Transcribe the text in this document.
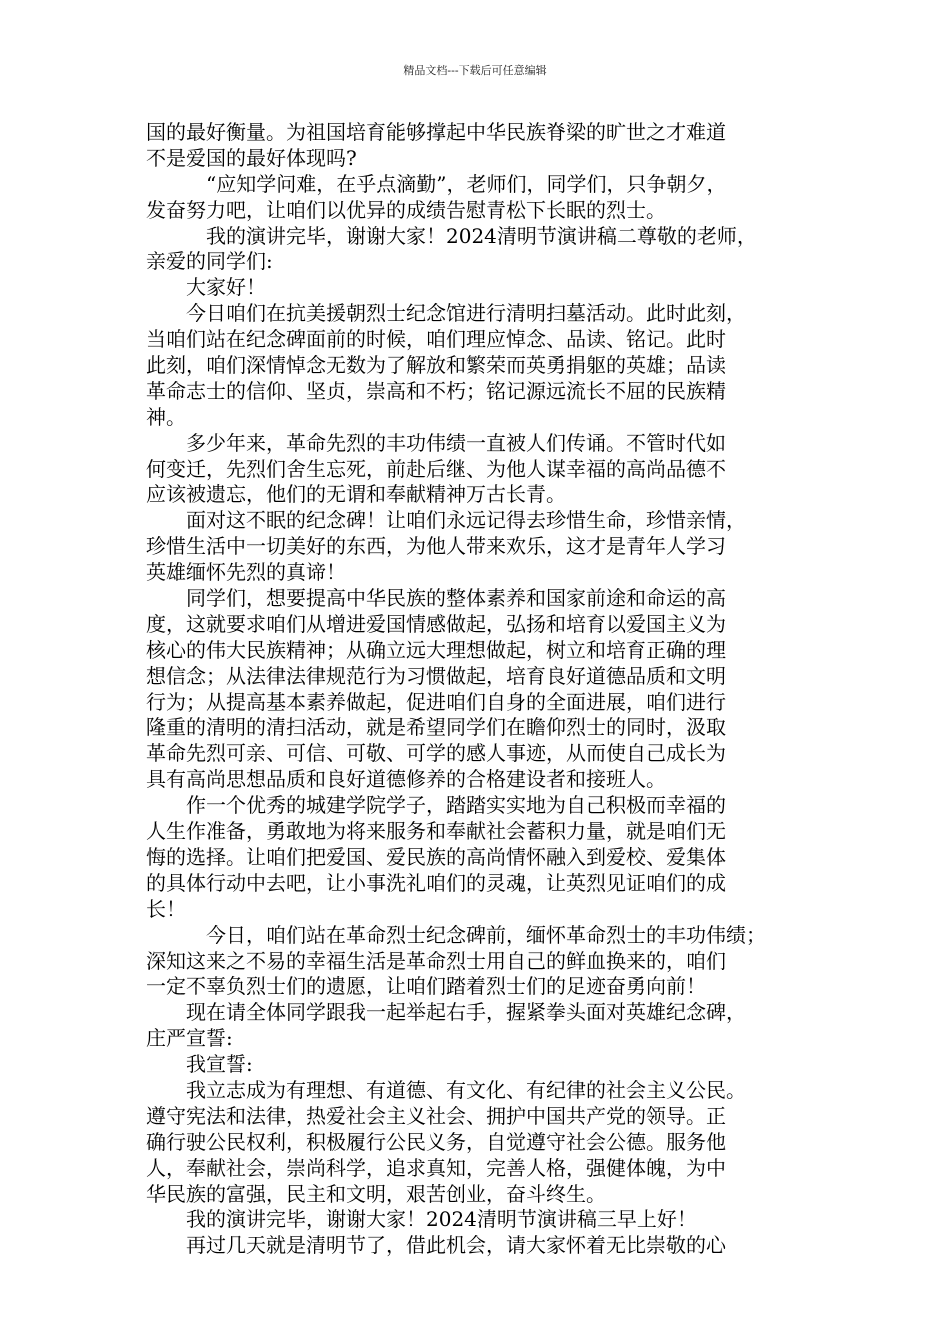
精品文档---下载后可任意编辑
国的最好衡量。为祖国培育能够撑起中华民族脊梁的旷世之才难道
不是爱国的最好体现吗?
“应知学问难，在乎点滴勤”，老师们，同学们，只争朝夕，
发奋努力吧，让咱们以优异的成绩告慰青松下长眠的烈士。
我的演讲完毕，谢谢大家！2024清明节演讲稿二尊敬的老师，
亲爱的同学们:
大家好！
今日咱们在抗美援朝烈士纪念馆进行清明扫墓活动。此时此刻，
当咱们站在纪念碑面前的时候，咱们理应悼念、品读、铭记。此时
此刻，咱们深情悼念无数为了解放和繁荣而英勇捐躯的英雄；品读
革命志士的信仰、坚贞，崇高和不朽；铭记源远流长不屈的民族精
神。
多少年来，革命先烈的丰功伟绩一直被人们传诵。不管时代如
何变迁，先烈们舍生忘死，前赴后继、为他人谋幸福的高尚品德不
应该被遗忘，他们的无谓和奉献精神万古长青。
面对这不眠的纪念碑！让咱们永远记得去珍惜生命，珍惜亲情，
珍惜生活中一切美好的东西，为他人带来欢乐，这才是青年人学习
英雄缅怀先烈的真谛！
同学们，想要提高中华民族的整体素养和国家前途和命运的高
度，这就要求咱们从增进爱国情感做起，弘扬和培育以爱国主义为
核心的伟大民族精神；从确立远大理想做起，树立和培育正确的理
想信念；从法律法律规范行为习惯做起，培育良好道德品质和文明
行为；从提高基本素养做起，促进咱们自身的全面进展，咱们进行
隆重的清明的清扫活动，就是希望同学们在瞻仰烈士的同时，汲取
革命先烈可亲、可信、可敬、可学的感人事迹，从而使自己成长为
具有高尚思想品质和良好道德修养的合格建设者和接班人。
作一个优秀的城建学院学子，踏踏实实地为自己积极而幸福的
人生作准备，勇敢地为将来服务和奉献社会蓄积力量，就是咱们无
悔的选择。让咱们把爱国、爱民族的高尚情怀融入到爱校、爱集体
的具体行动中去吧，让小事洗礼咱们的灵魂，让英烈见证咱们的成
长！
今日，咱们站在革命烈士纪念碑前，缅怀革命烈士的丰功伟绩；
深知这来之不易的幸福生活是革命烈士用自己的鲜血换来的，咱们
一定不辜负烈士们的遗愿，让咱们踏着烈士们的足迹奋勇向前！
现在请全体同学跟我一起举起右手，握紧拳头面对英雄纪念碑，
庄严宣誓:
我宣誓:
我立志成为有理想、有道德、有文化、有纪律的社会主义公民。
遵守宪法和法律，热爱社会主义社会、拥护中国共产党的领导。正
确行驶公民权利，积极履行公民义务，自觉遵守社会公德。服务他
人，奉献社会，崇尚科学，追求真知，完善人格，强健体魄，为中
华民族的富强，民主和文明，艰苦创业，奋斗终生。
我的演讲完毕，谢谢大家！2024清明节演讲稿三早上好！
再过几天就是清明节了，借此机会，请大家怀着无比崇敬的心
